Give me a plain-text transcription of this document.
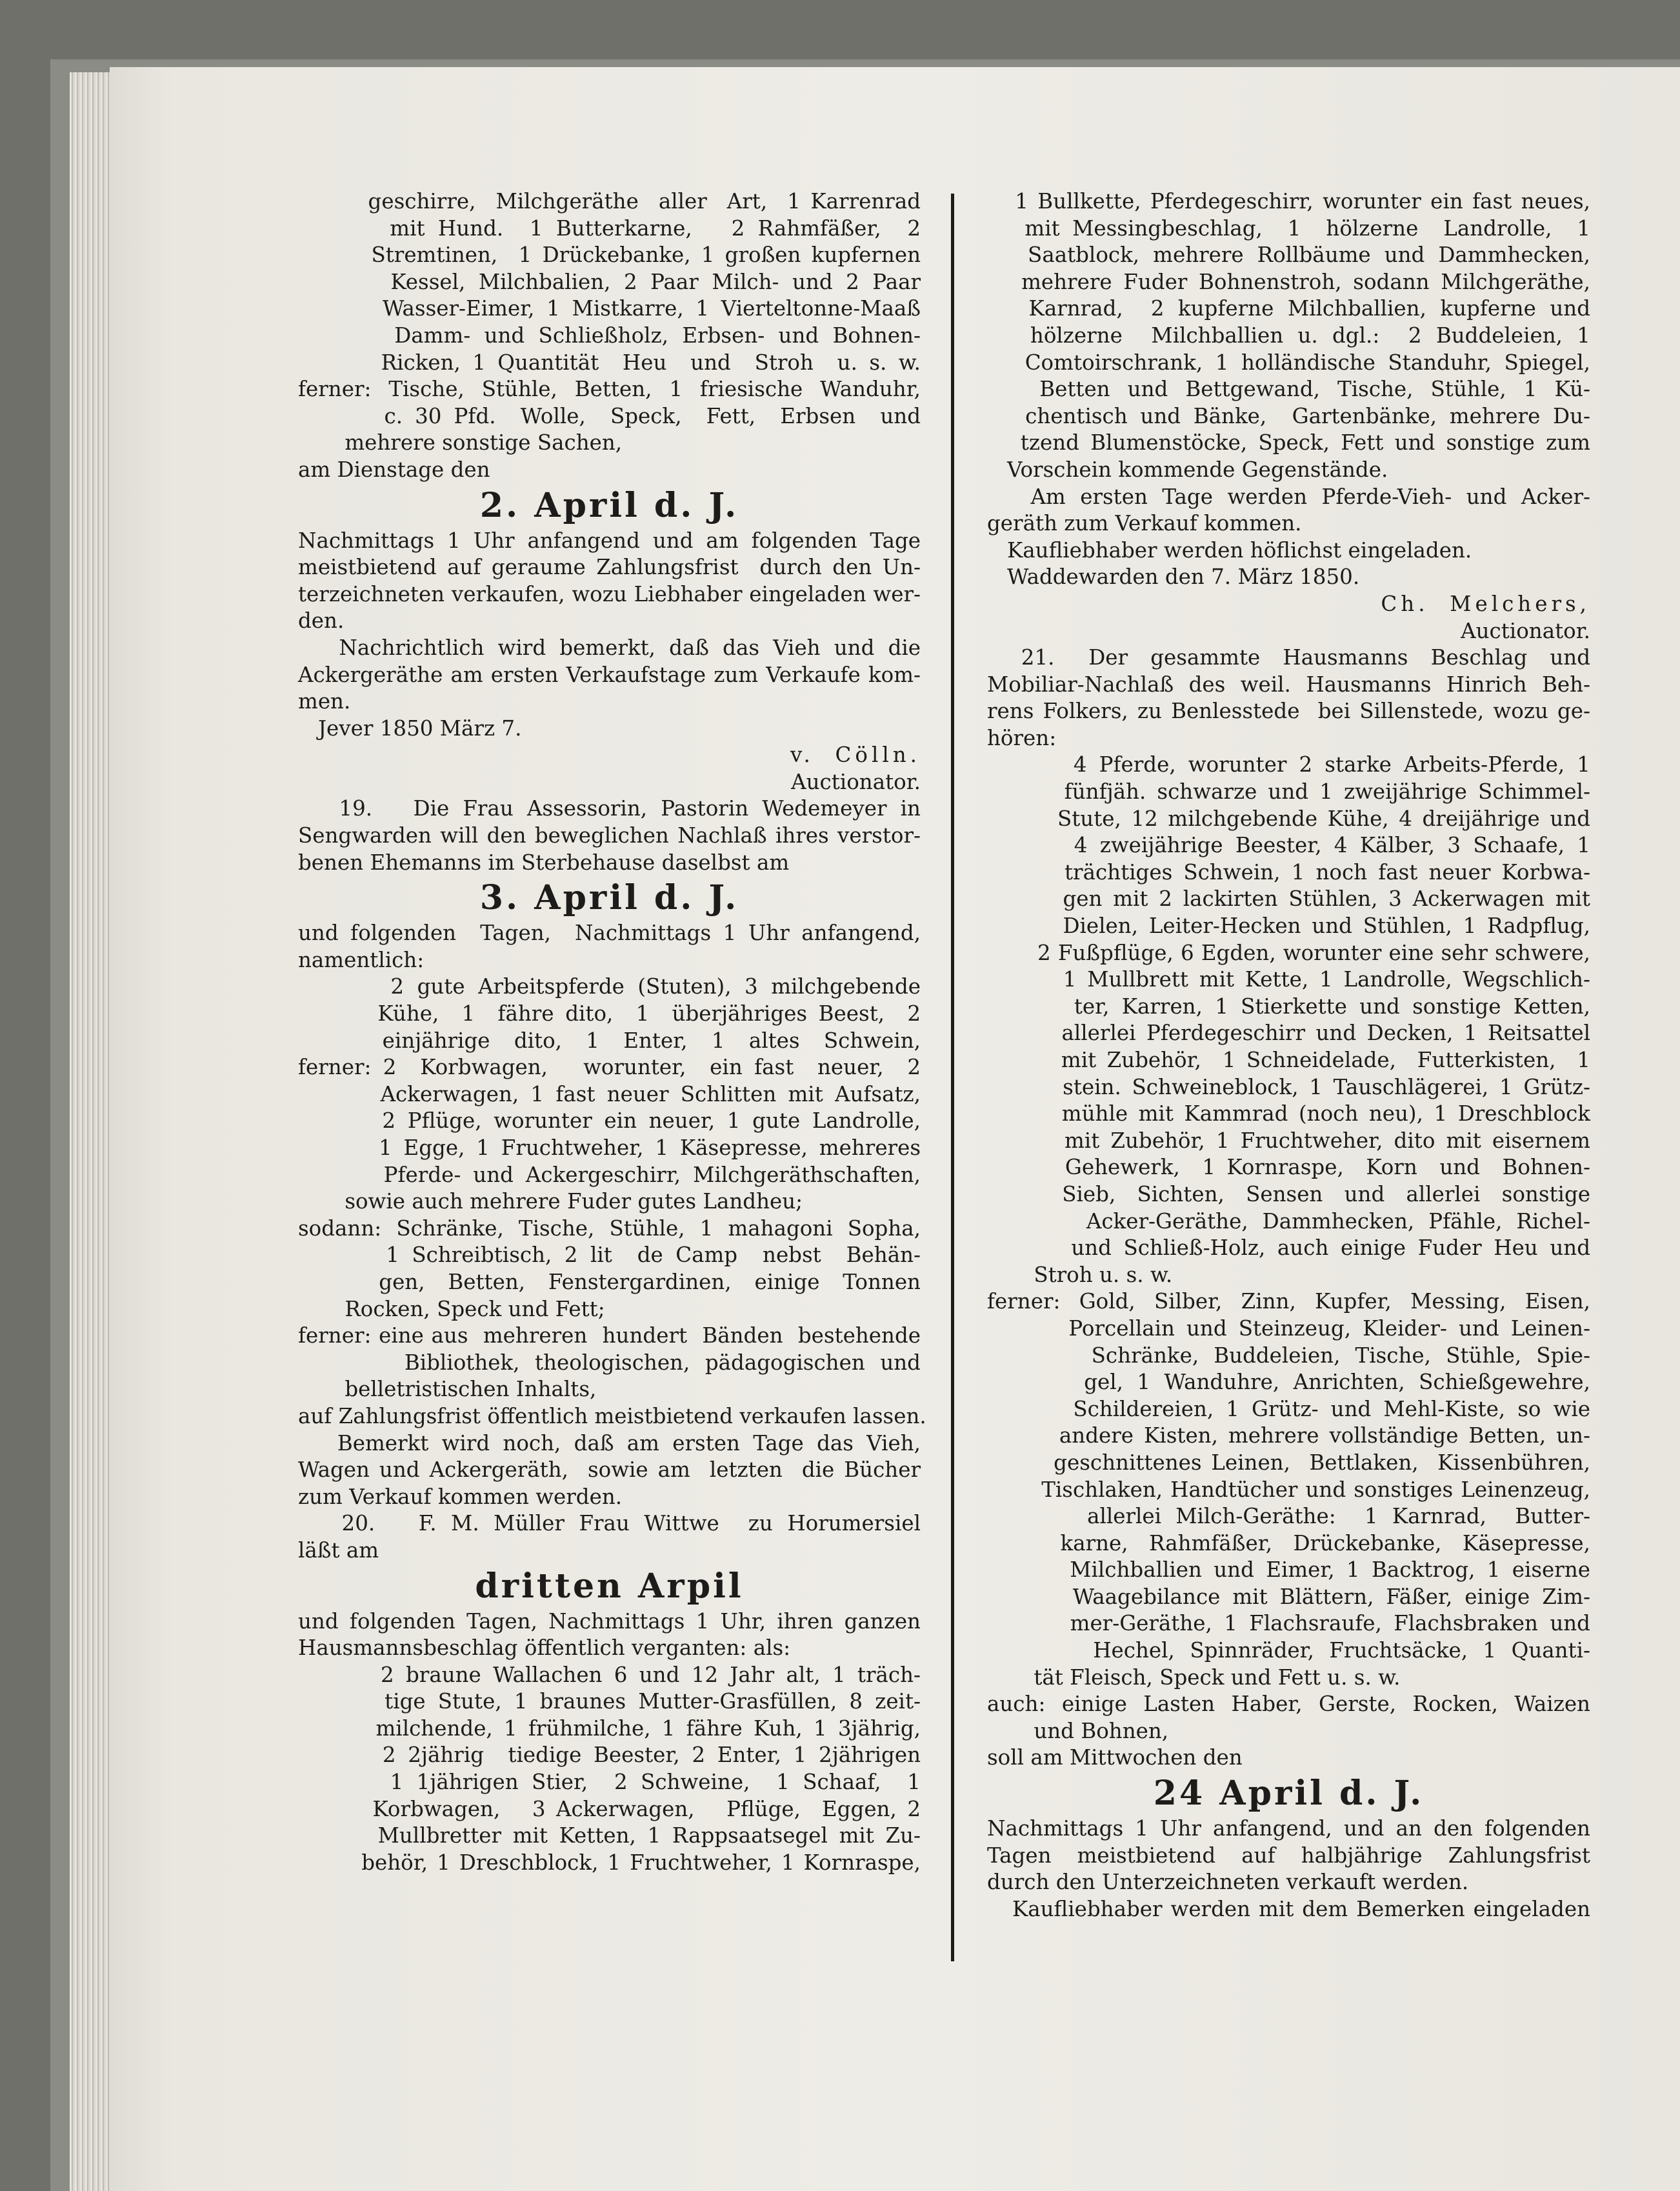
geschirre,  Milchgeräthe  aller  Art,  1 Karrenrad
mit Hund.  1 Butterkarne,   2 Rahmfäßer,  2
Stremtinen,  1 Drückebanke, 1 großen kupfernen
Kessel, Milchbalien, 2 Paar Milch- und 2 Paar
Wasser-Eimer, 1 Mistkarre, 1 Vierteltonne-Maaß
Damm- und Schließholz, Erbsen- und Bohnen-
Ricken, 1 Quantität  Heu  und  Stroh  u. s. w.
ferner: Tische, Stühle, Betten, 1 friesische Wanduhr,
c. 30 Pfd.  Wolle,  Speck,  Fett,  Erbsen  und
mehrere sonstige Sachen,
am Dienstage den
2. April d. J.
Nachmittags 1 Uhr anfangend und am folgenden Tage
meistbietend auf geraume Zahlungsfrist  durch den Un-
terzeichneten verkaufen, wozu Liebhaber eingeladen wer-
den.
Nachrichtlich wird bemerkt, daß das Vieh und die
Ackergeräthe am ersten Verkaufstage zum Verkaufe kom-
men.
Jever 1850 März 7.
v.  Cölln.
Auctionator.
19.   Die Frau Assessorin, Pastorin Wedemeyer in
Sengwarden will den beweglichen Nachlaß ihres verstor-
benen Ehemanns im Sterbehause daselbst am
3. April d. J.
und folgenden  Tagen,  Nachmittags 1 Uhr anfangend,
namentlich:
2 gute Arbeitspferde (Stuten), 3 milchgebende
Kühe,  1  fähre dito,  1  überjähriges Beest,  2
einjährige  dito,  1  Enter,  1  altes  Schwein,
ferner: 2  Korbwagen,   worunter,  ein fast  neuer,  2
Ackerwagen, 1 fast neuer Schlitten mit Aufsatz,
2 Pflüge, worunter ein neuer, 1 gute Landrolle,
1 Egge, 1 Fruchtweher, 1 Käsepresse, mehreres
Pferde- und Ackergeschirr, Milchgeräthschaften,
sowie auch mehrere Fuder gutes Landheu;
sodann: Schränke, Tische, Stühle, 1 mahagoni Sopha,
1 Schreibtisch, 2 lit  de Camp  nebst  Behän-
gen,  Betten,  Fenstergardinen,  einige  Tonnen
Rocken, Speck und Fett;
ferner: eine aus  mehreren  hundert  Bänden  bestehende
Bibliothek, theologischen, pädagogischen und
belletristischen Inhalts,
auf Zahlungsfrist öffentlich meistbietend verkaufen lassen.
Bemerkt wird noch, daß am ersten Tage das Vieh,
Wagen und Ackergeräth,  sowie am  letzten  die Bücher
zum Verkauf kommen werden.
20.   F. M. Müller Frau Wittwe  zu Horumersiel
läßt am
dritten Arpil
und folgenden Tagen, Nachmittags 1 Uhr, ihren ganzen
Hausmannsbeschlag öffentlich verganten: als:
2 braune Wallachen 6 und 12 Jahr alt, 1 träch-
tige Stute, 1 braunes Mutter-Grasfüllen, 8 zeit-
milchende, 1 frühmilche, 1 fähre Kuh, 1 3jährig,
2 2jährig  tiedige Beester, 2 Enter, 1 2jährigen
1 1jährigen Stier,  2 Schweine,  1 Schaaf,  1
Korbwagen,   3 Ackerwagen,   Pflüge,  Eggen, 2
Mullbretter mit Ketten, 1 Rappsaatsegel mit Zu-
behör, 1 Dreschblock, 1 Fruchtweher, 1 Kornraspe,
1 Bullkette, Pferdegeschirr, worunter ein fast neues,
mit Messingbeschlag,  1  hölzerne  Landrolle,  1
Saatblock, mehrere Rollbäume und Dammhecken,
mehrere Fuder Bohnenstroh, sodann Milchgeräthe,
Karnrad,  2 kupferne Milchballien, kupferne und
hölzerne  Milchballien u. dgl.:  2 Buddeleien, 1
Comtoirschrank, 1 holländische Standuhr, Spiegel,
Betten und Bettgewand, Tische, Stühle, 1 Kü-
chentisch und Bänke,  Gartenbänke, mehrere Du-
tzend Blumenstöcke, Speck, Fett und sonstige zum
Vorschein kommende Gegenstände.
Am ersten Tage werden Pferde-Vieh- und Acker-
geräth zum Verkauf kommen.
Kaufliebhaber werden höflichst eingeladen.
Waddewarden den 7. März 1850.
Ch.  Melchers,
Auctionator.
21.   Der  gesammte  Hausmanns  Beschlag  und
Mobiliar-Nachlaß des weil. Hausmanns Hinrich Beh-
rens Folkers, zu Benlesstede  bei Sillenstede, wozu ge-
hören:
4 Pferde, worunter 2 starke Arbeits-Pferde, 1
fünfjäh. schwarze und 1 zweijährige Schimmel-
Stute, 12 milchgebende Kühe, 4 dreijährige und
4 zweijährige Beester, 4 Kälber, 3 Schaafe, 1
trächtiges Schwein, 1 noch fast neuer Korbwa-
gen mit 2 lackirten Stühlen, 3 Ackerwagen mit
Dielen, Leiter-Hecken und Stühlen, 1 Radpflug,
2 Fußpflüge, 6 Egden, worunter eine sehr schwere,
1 Mullbrett mit Kette, 1 Landrolle, Wegschlich-
ter, Karren, 1 Stierkette und sonstige Ketten,
allerlei Pferdegeschirr und Decken, 1 Reitsattel
mit Zubehör,  1 Schneidelade,  Futterkisten,  1
stein. Schweineblock, 1 Tauschlägerei, 1 Grütz-
mühle mit Kammrad (noch neu), 1 Dreschblock
mit Zubehör, 1 Fruchtweher, dito mit eisernem
Gehewerk,  1 Kornraspe,  Korn  und  Bohnen-
Sieb,  Sichten,  Sensen  und  allerlei  sonstige
Acker-Geräthe, Dammhecken, Pfähle, Richel-
und Schließ-Holz, auch einige Fuder Heu und
Stroh u. s. w.
ferner: Gold, Silber, Zinn, Kupfer, Messing, Eisen,
Porcellain und Steinzeug, Kleider- und Leinen-
Schränke, Buddeleien, Tische, Stühle, Spie-
gel, 1 Wanduhre, Anrichten, Schießgewehre,
Schildereien, 1 Grütz- und Mehl-Kiste, so wie
andere Kisten, mehrere vollständige Betten, un-
geschnittenes Leinen,  Bettlaken,  Kissenbühren,
Tischlaken, Handtücher und sonstiges Leinenzeug,
allerlei Milch-Geräthe:  1 Karnrad,  Butter-
karne,  Rahmfäßer,  Drückebanke,  Käsepresse,
Milchballien und Eimer, 1 Backtrog, 1 eiserne
Waagebilance mit Blättern, Fäßer, einige Zim-
mer-Geräthe, 1 Flachsraufe, Flachsbraken und
Hechel, Spinnräder, Fruchtsäcke, 1 Quanti-
tät Fleisch, Speck und Fett u. s. w.
auch: einige Lasten Haber, Gerste, Rocken, Waizen
und Bohnen,
soll am Mittwochen den
24 April d. J.
Nachmittags 1 Uhr anfangend, und an den folgenden
Tagen meistbietend auf halbjährige Zahlungsfrist
durch den Unterzeichneten verkauft werden.
Kaufliebhaber werden mit dem Bemerken eingeladen
